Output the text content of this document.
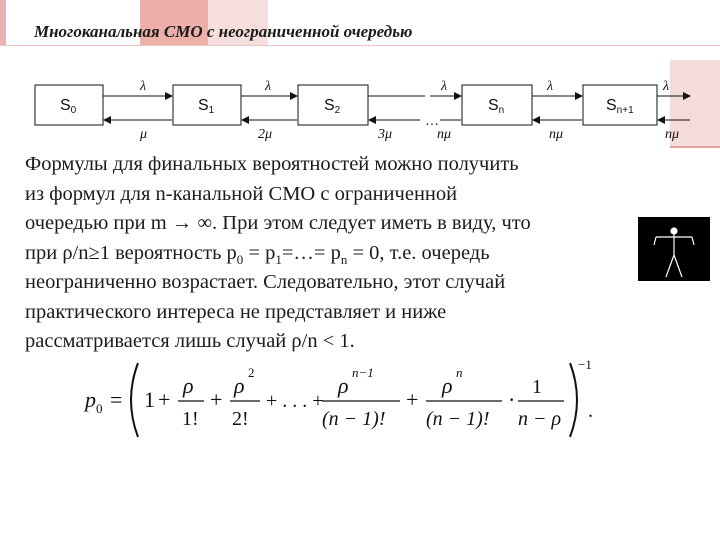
Многоканальная СМО с неограниченной очередью
S0	S1	S2	Sn	Sn+1
…
λ	λ	λ	λ	λ
μ	2μ	3μ	nμ	nμ	nμ

Формулы для финальных вероятностей можно получить
из формул для n-канальной СМО с ограниченной
очередью при m → ∞. При этом следует иметь в виду, что
при ρ/n≥1 вероятность $p_0$ = $p_1=\dots= p_n = 0$, т.е. очередь
неограниченно возрастает. Следовательно, этот случай
практического интереса не представляет и ниже
рассматривается лишь случай ρ/n < 1.

p 0 = 1 +
ρ
1!
+
ρ
2
2!
+ . . . +
ρ
n−1
(n − 1)!
+
ρ
n
(n − 1)!
· 1
n − ρ
−1
.
